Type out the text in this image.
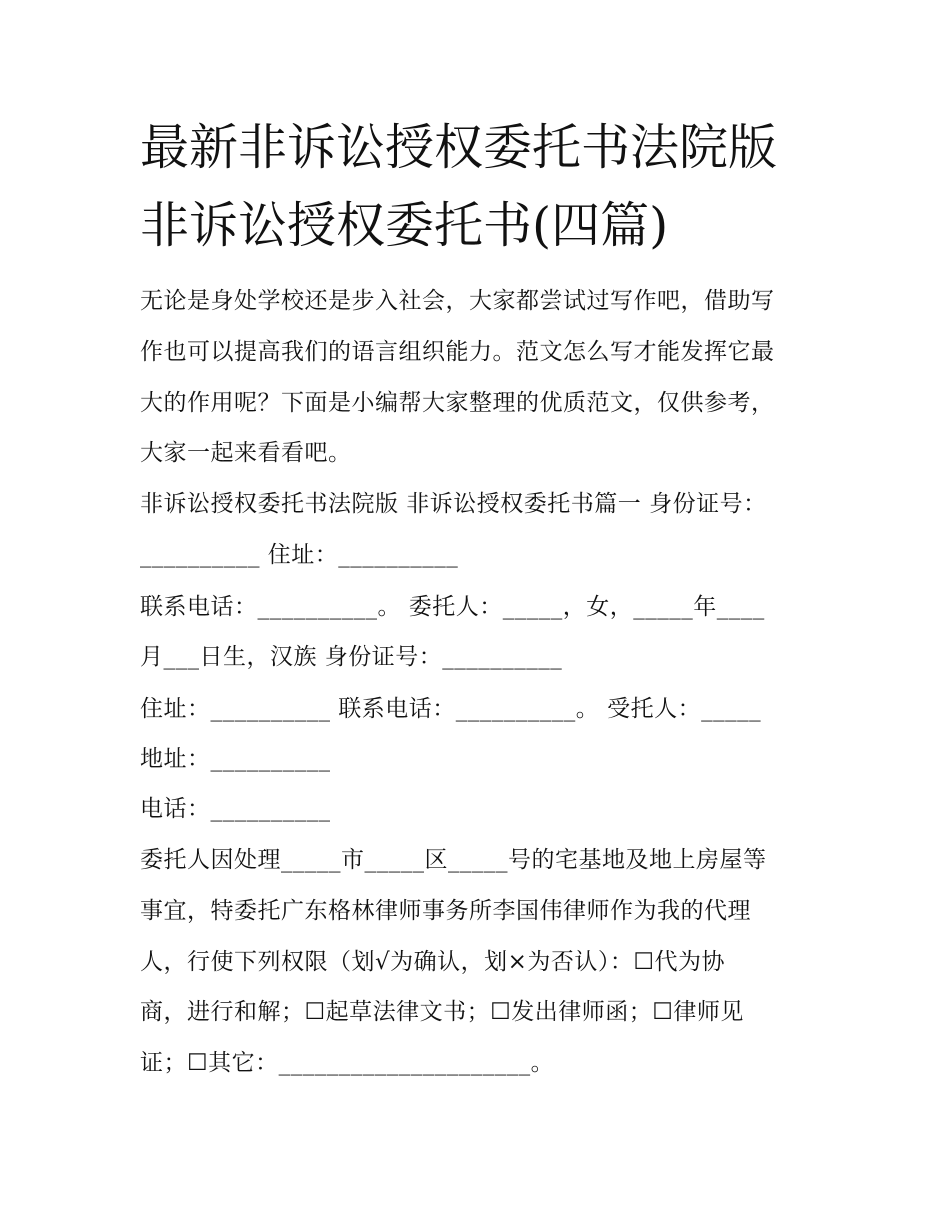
最新非诉讼授权委托书法院版
非诉讼授权委托书(四篇)
无论是身处学校还是步入社会，大家都尝试过写作吧，借助写
作也可以提高我们的语言组织能力。范文怎么写才能发挥它最
大的作用呢？下面是小编帮大家整理的优质范文，仅供参考，
大家一起来看看吧。
非诉讼授权委托书法院版 非诉讼授权委托书篇一 身份证号：
__________ 住址：__________
联系电话：__________。 委托人：_____，女，_____年____
月___日生，汉族 身份证号：__________
住址：__________ 联系电话：__________。 受托人：_____
地址：__________
电话：__________
委托人因处理_____市_____区_____号的宅基地及地上房屋等
事宜，特委托广东格林律师事务所李国伟律师作为我的代理
人，行使下列权限（划√为确认，划×为否认）：☐代为协
商，进行和解；☐起草法律文书；☐发出律师函；☐律师见
证；☐其它：_____________________。
